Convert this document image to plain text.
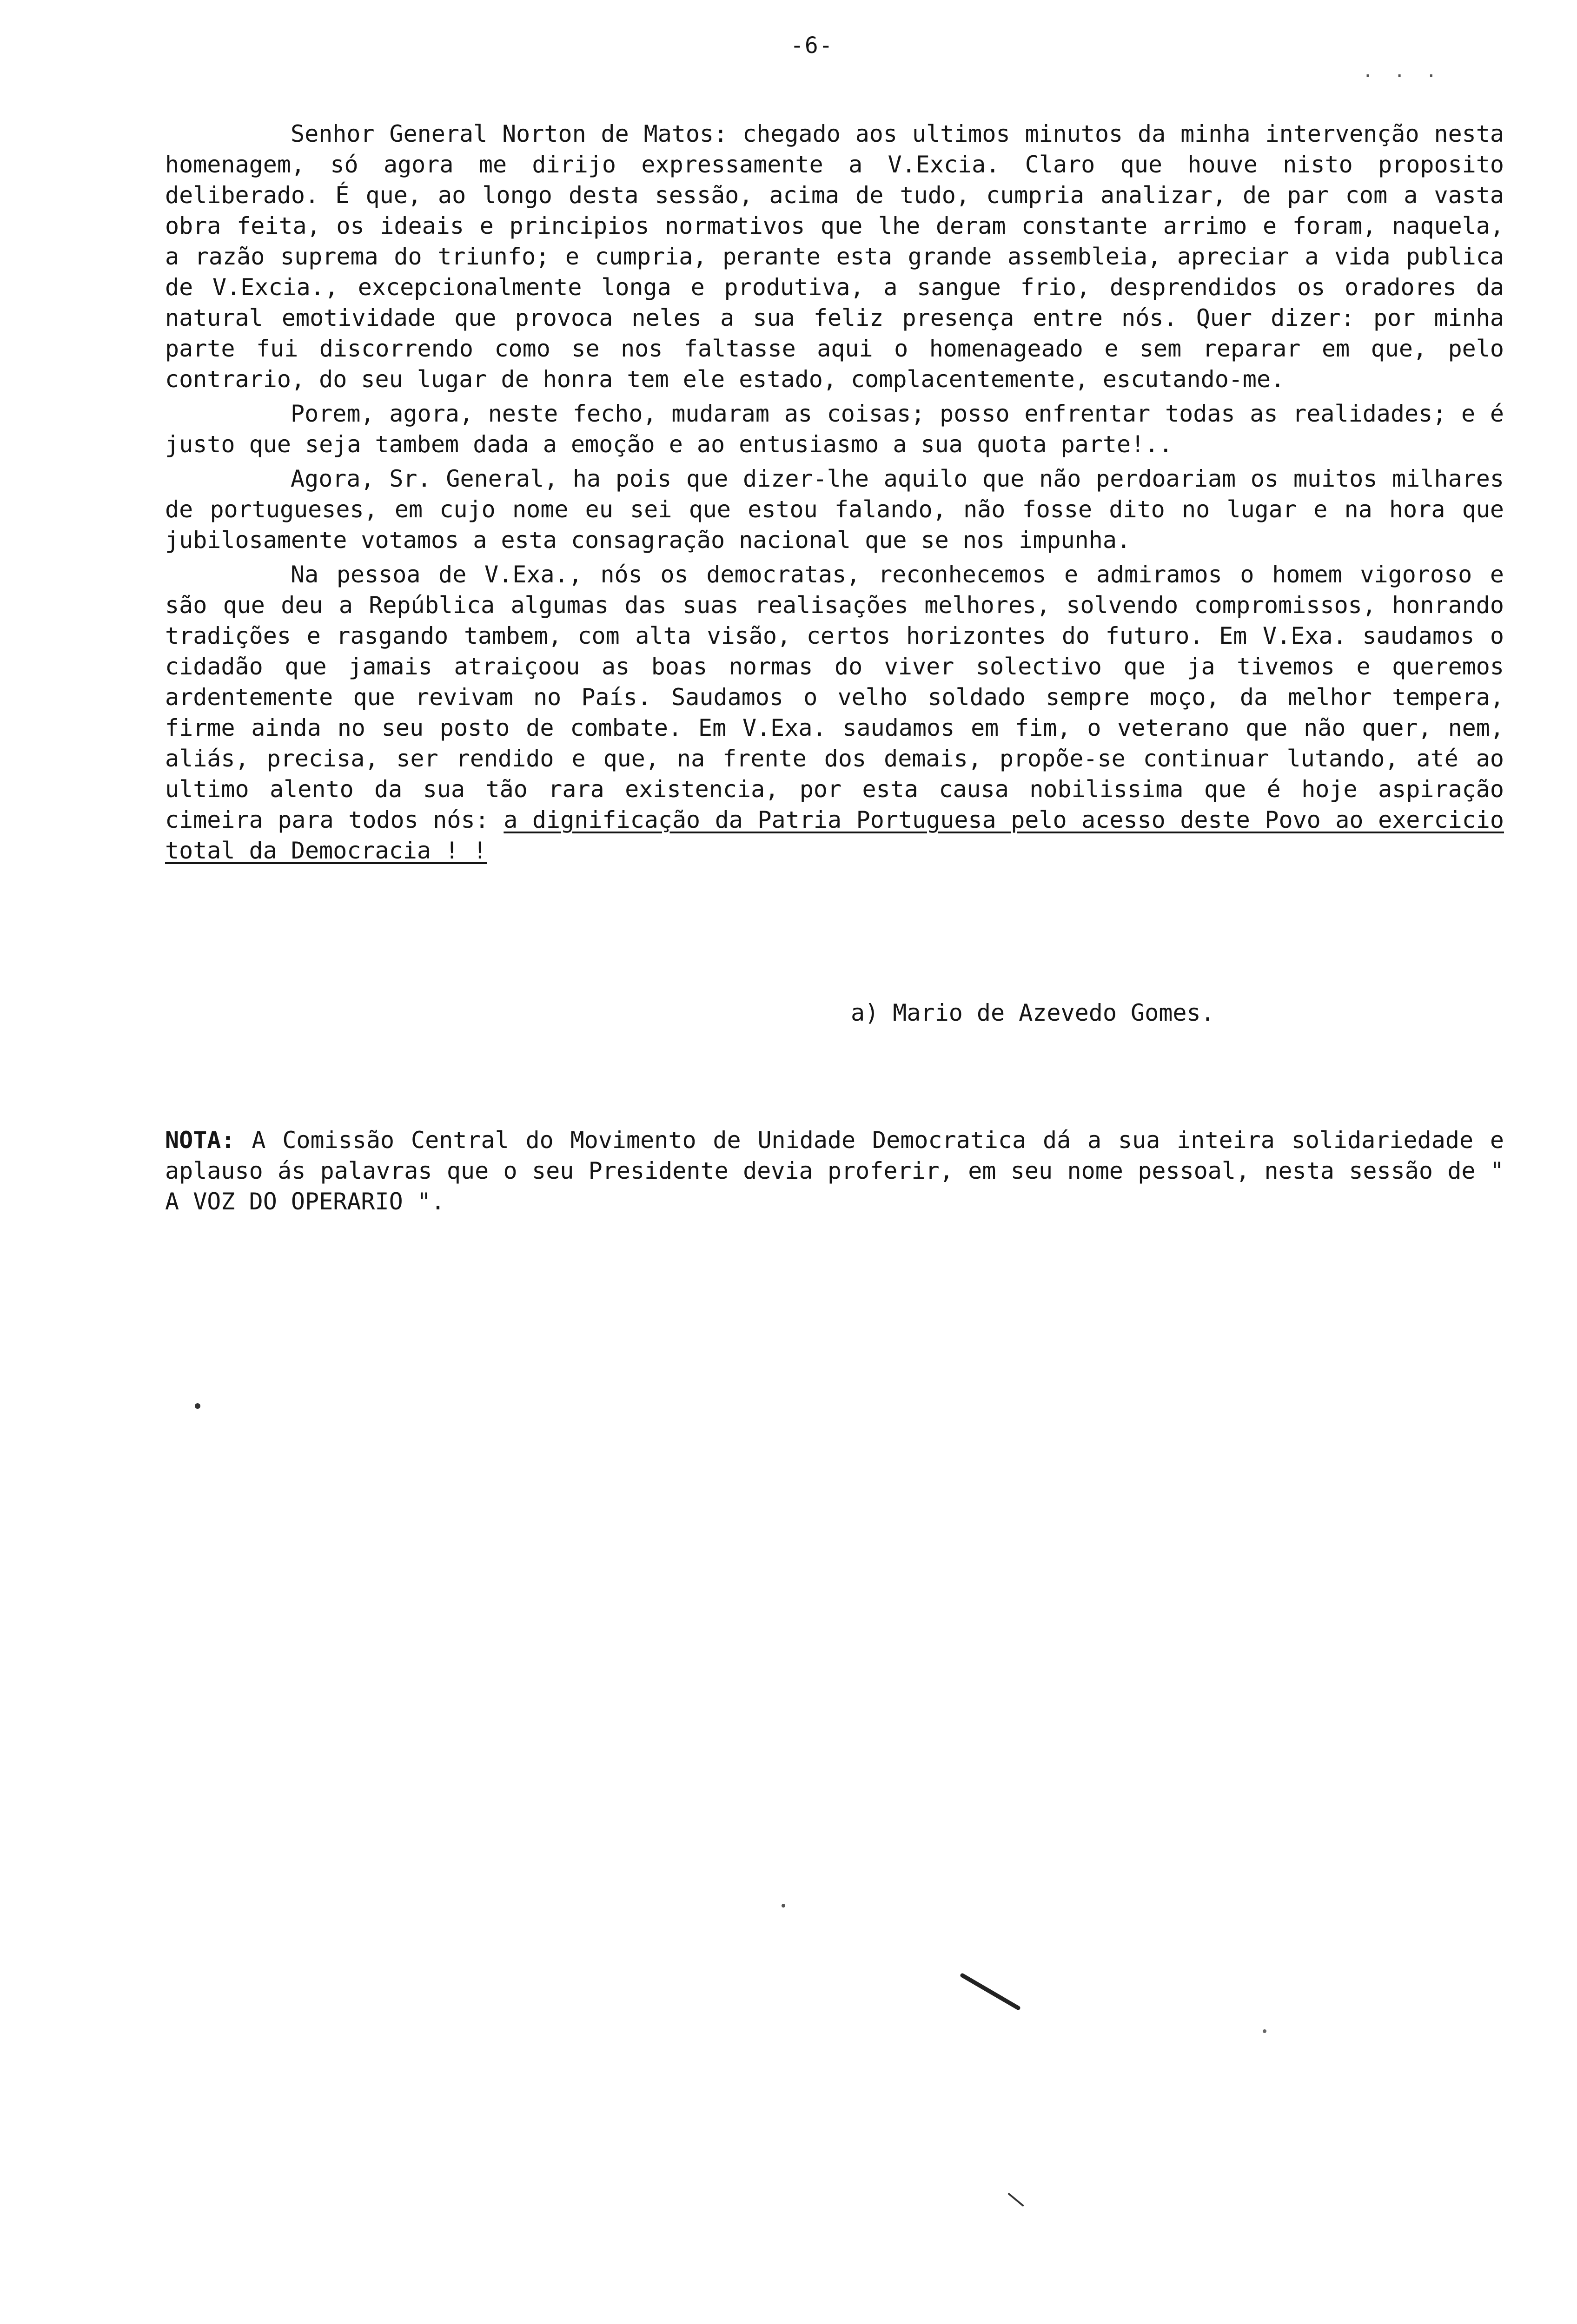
-6-
. . .

Senhor General Norton de Matos: chegado aos ultimos minutos da minha intervenção nesta homenagem, só agora me dirijo expressamente a V.Excia. Claro que houve nisto proposito deliberado. É que, ao longo desta sessão, acima de tudo, cumpria analizar, de par com a vasta obra feita, os ideais e principios normativos que lhe deram constante arrimo e foram, naquela, a razão suprema do triunfo; e cumpria, perante esta grande assembleia, apreciar a vida publica de V.Excia., excepcionalmente longa e produtiva, a sangue frio, desprendidos os oradores da natural emotividade que provoca neles a sua feliz presença entre nós. Quer dizer: por minha parte fui discorrendo como se nos faltasse aqui o homenageado e sem reparar em que, pelo contrario, do seu lugar de honra tem ele estado, complacentemente, escutando-me.

Porem, agora, neste fecho, mudaram as coisas; posso enfrentar todas as realidades; e é justo que seja tambem dada a emoção e ao entusiasmo a sua quota parte!..

Agora, Sr. General, ha pois que dizer-lhe aquilo que não perdoariam os muitos milhares de portugueses, em cujo nome eu sei que estou falando, não fosse dito no lugar e na hora que jubilosamente votamos a esta consagração nacional que se nos impunha.

Na pessoa de V.Exa., nós os democratas, reconhecemos e admiramos o homem vigoroso e são que deu a República algumas das suas realisações melhores, solvendo compromissos, honrando tradições e rasgando tambem, com alta visão, certos horizontes do futuro. Em V.Exa. saudamos o cidadão que jamais atraiçoou as boas normas do viver solectivo que ja tivemos e queremos ardentemente que revivam no País. Saudamos o velho soldado sempre moço, da melhor tempera, firme ainda no seu posto de combate. Em V.Exa. saudamos em fim, o veterano que não quer, nem, aliás, precisa, ser rendido e que, na frente dos demais, propõe-se continuar lutando, até ao ultimo alento da sua tão rara existencia, por esta causa nobilissima que é hoje aspiração cimeira para todos nós: a dignificação da Patria Portuguesa pelo acesso deste Povo ao exercicio total da Democracia ! !

a) Mario de Azevedo Gomes.
NOTA: A Comissão Central do Movimento de Unidade Democratica dá a sua inteira solidariedade e aplauso ás palavras que o seu Presidente devia proferir, em seu nome pessoal, nesta sessão de " A VOZ DO OPERARIO ".
